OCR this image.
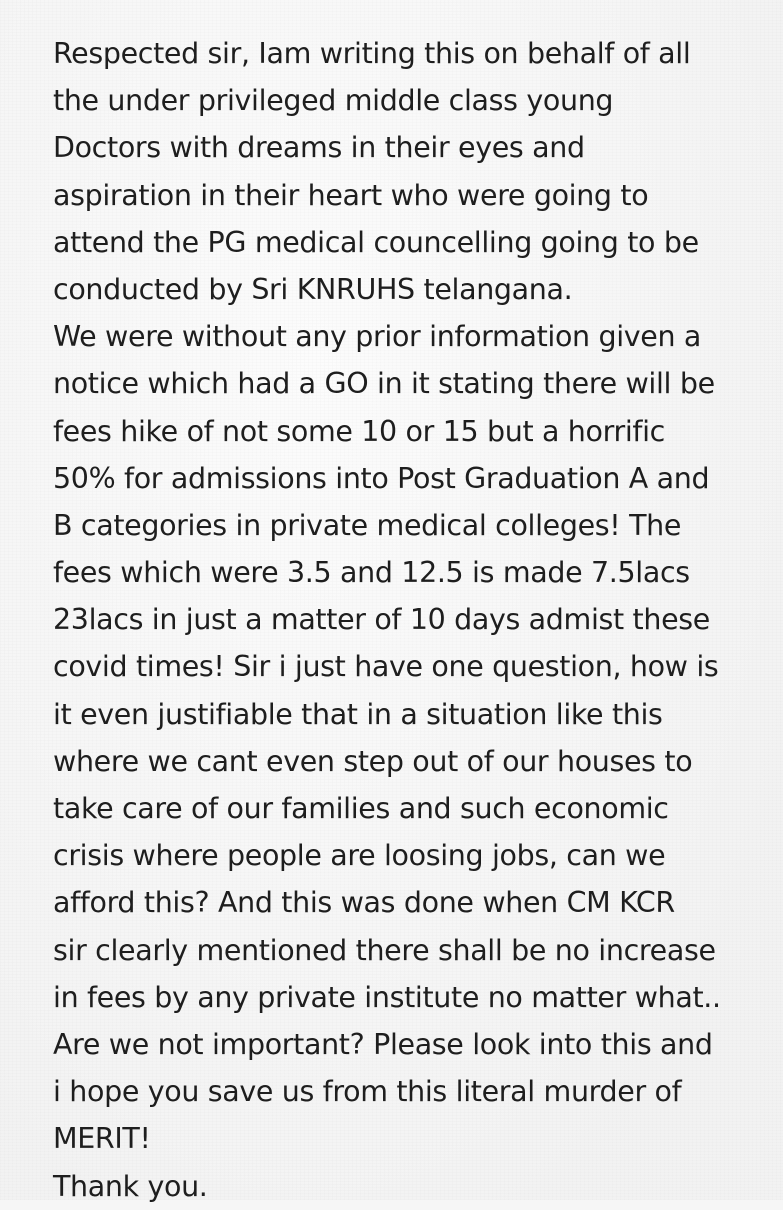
Respected sir, Iam writing this on behalf of all
the under privileged middle class young
Doctors with dreams in their eyes and
aspiration in their heart who were going to
attend the PG medical councelling going to be
conducted by Sri KNRUHS telangana.
We were without any prior information given a
notice which had a GO in it stating there will be
fees hike of not some 10 or 15 but a horrific
50% for admissions into Post Graduation A and
B categories in private medical colleges! The
fees which were 3.5 and 12.5 is made 7.5lacs
23lacs in just a matter of 10 days admist these
covid times! Sir i just have one question, how is
it even justifiable that in a situation like this
where we cant even step out of our houses to
take care of our families and such economic
crisis where people are loosing jobs, can we
afford this? And this was done when CM KCR
sir clearly mentioned there shall be no increase
in fees by any private institute no matter what..
Are we not important? Please look into this and
i hope you save us from this literal murder of
MERIT!
Thank you.
